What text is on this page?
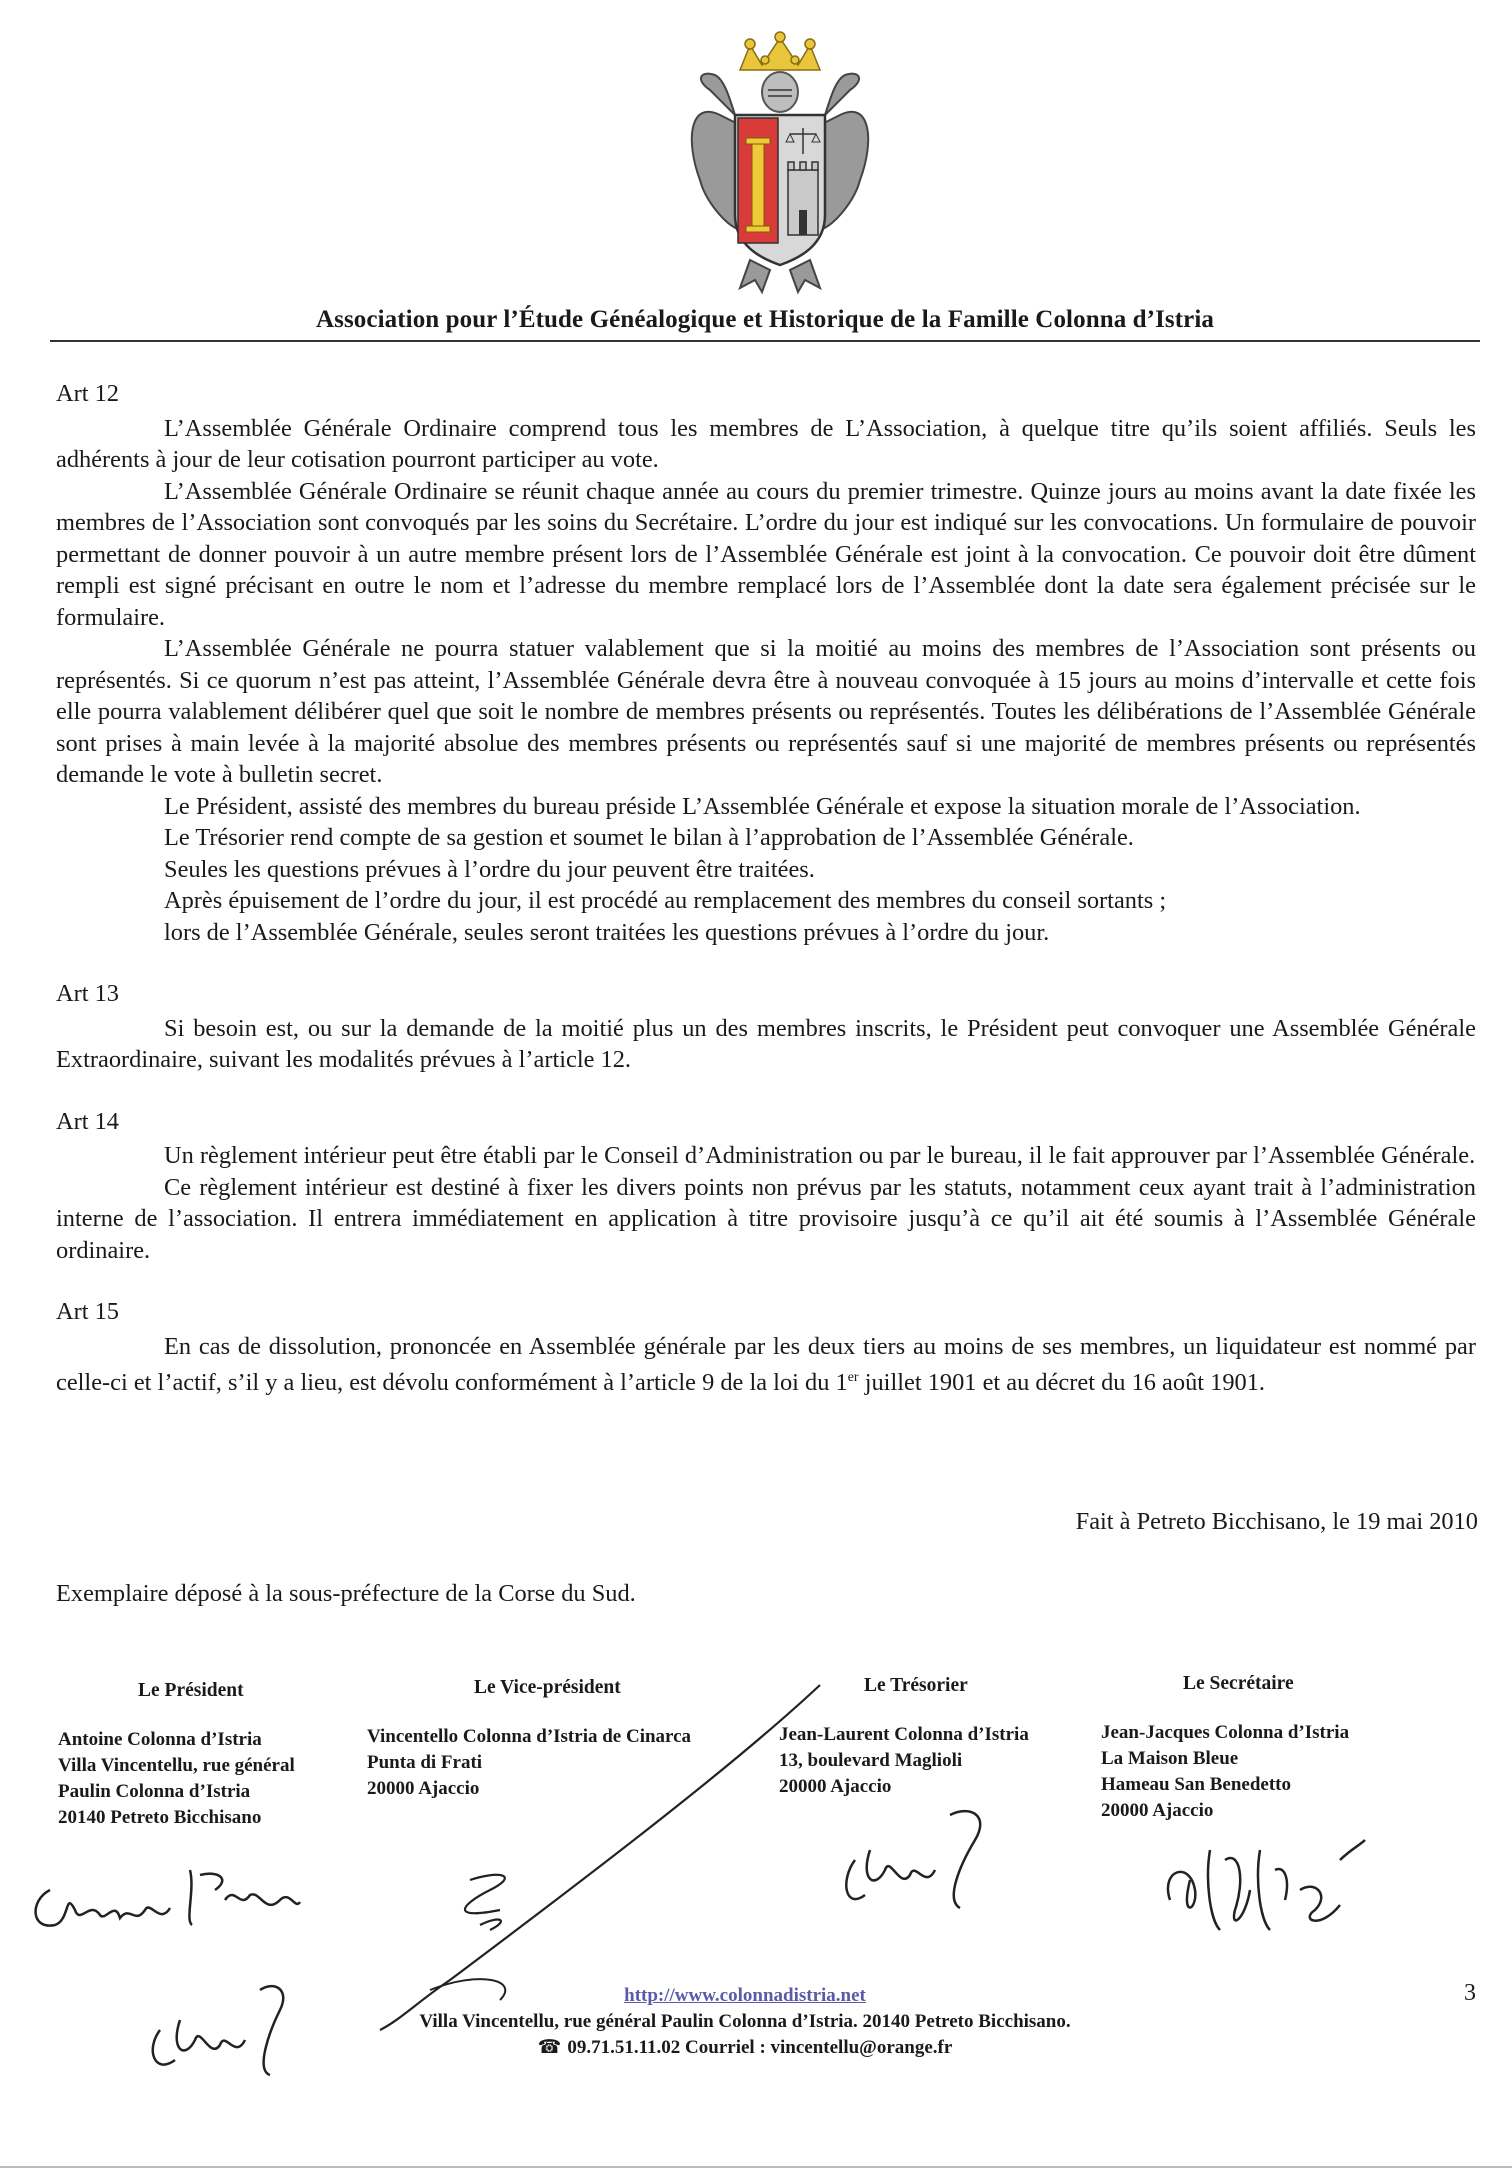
Association pour l’Étude Généalogique et Historique de la Famille Colonna d’Istria
Art 12

L’Assemblée Générale Ordinaire comprend tous les membres de L’Association, à quelque titre qu’ils soient affiliés. Seuls les adhérents à jour de leur cotisation pourront participer au vote.

L’Assemblée Générale Ordinaire se réunit chaque année au cours du premier trimestre. Quinze jours au moins avant la date fixée les membres de l’Association sont convoqués par les soins du Secrétaire. L’ordre du jour est indiqué sur les convocations. Un formulaire de pouvoir permettant de donner pouvoir à un autre membre présent lors de l’Assemblée Générale est joint à la convocation. Ce pouvoir doit être dûment rempli est signé précisant en outre le nom et l’adresse du membre remplacé lors de l’Assemblée dont la date sera également précisée sur le formulaire.

L’Assemblée Générale ne pourra statuer valablement que si la moitié au moins des membres de l’Association sont présents ou représentés. Si ce quorum n’est pas atteint, l’Assemblée Générale devra être à nouveau convoquée à 15 jours au moins d’intervalle et cette fois elle pourra valablement délibérer quel que soit le nombre de membres présents ou représentés. Toutes les délibérations de l’Assemblée Générale sont prises à main levée à la majorité absolue des membres présents ou représentés sauf si une majorité de membres présents ou représentés demande le vote à bulletin secret.

Le Président, assisté des membres du bureau préside L’Assemblée Générale et expose la situation morale de l’Association.

Le Trésorier rend compte de sa gestion et soumet le bilan à l’approbation de l’Assemblée Générale.

Seules les questions prévues à l’ordre du jour peuvent être traitées.

Après épuisement de l’ordre du jour, il est procédé au remplacement des membres du conseil sortants ;

lors de l’Assemblée Générale, seules seront traitées les questions prévues à l’ordre du jour.

Art 13

Si besoin est, ou sur la demande de la moitié plus un des membres inscrits, le Président peut convoquer une Assemblée Générale Extraordinaire, suivant les modalités prévues à l’article 12.

Art 14

Un règlement intérieur peut être établi par le Conseil d’Administration ou par le bureau, il le fait approuver par l’Assemblée Générale.

Ce règlement intérieur est destiné à fixer les divers points non prévus par les statuts, notamment ceux ayant trait à l’administration interne de l’association. Il entrera immédiatement en application à titre provisoire jusqu’à ce qu’il ait été soumis à l’Assemblée Générale ordinaire.

Art 15

En cas de dissolution, prononcée en Assemblée générale par les deux tiers au moins de ses membres, un liquidateur est nommé par celle-ci et l’actif, s’il y a lieu, est dévolu conformément à l’article 9 de la loi du 1er juillet 1901 et au décret du 16 août 1901.

Fait à Petreto Bicchisano, le 19 mai 2010
Exemplaire déposé à la sous-préfecture de la Corse du Sud.
Le Président
Antoine Colonna d’Istria
Villa Vincentellu, rue général
Paulin Colonna d’Istria
20140 Petreto Bicchisano
Le Vice-président
Vincentello Colonna d’Istria de Cinarca
Punta di Frati
20000 Ajaccio
Le Trésorier
Jean-Laurent Colonna d’Istria
13, boulevard Maglioli
20000 Ajaccio
Le Secrétaire
Jean-Jacques Colonna d’Istria
La Maison Bleue
Hameau San Benedetto
20000 Ajaccio
http://www.colonnadistria.net
Villa Vincentellu, rue général Paulin Colonna d’Istria. 20140 Petreto Bicchisano.
☎ 09.71.51.11.02 Courriel : vincentellu@orange.fr
3
